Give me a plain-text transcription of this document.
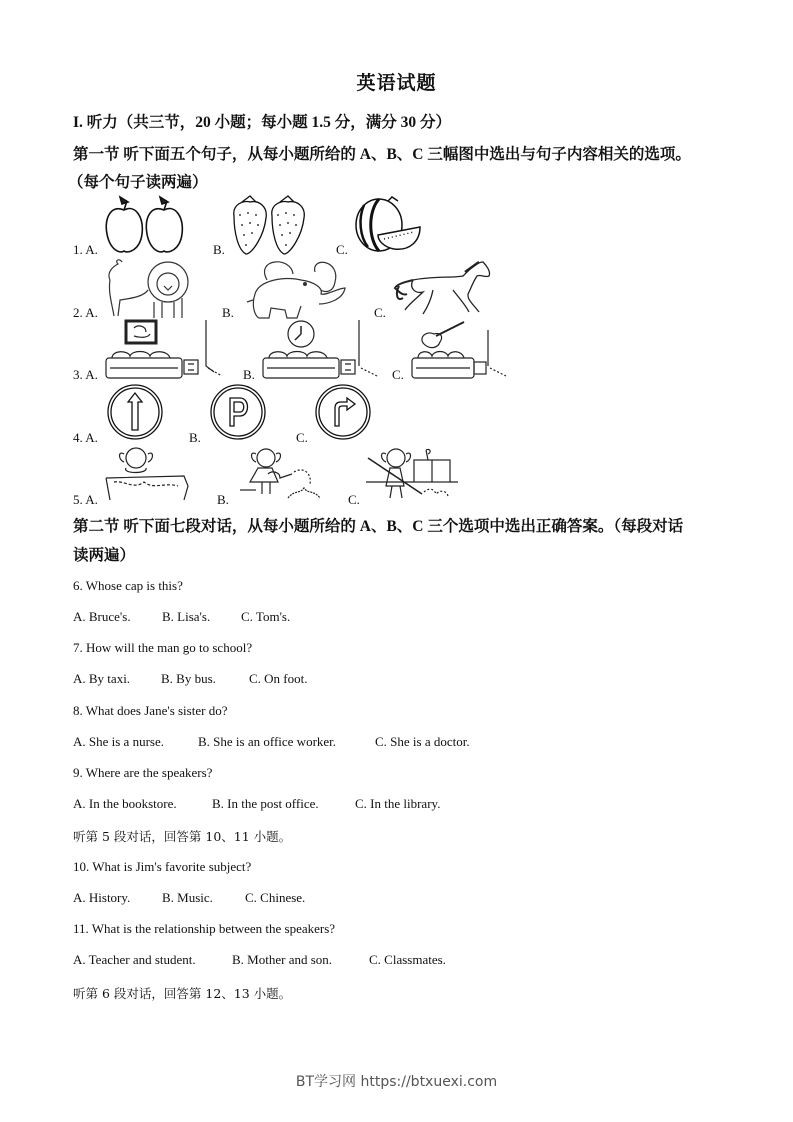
英语试题
I. 听力（共三节，20 小题；每小题 1.5 分，满分 30 分）
第一节 听下面五个句子，从每小题所给的 A、B、C 三幅图中选出与句子内容相关的选项。
（每个句子读两遍）
1. A.	B.	C.
2. A.	B.	C.
3. A.	B.	C.
4. A.	B.	C.
5. A.	B.	C.
第二节 听下面七段对话，从每小题所给的 A、B、C 三个选项中选出正确答案。（每段对话
读两遍）
6. Whose cap is this?
A. Bruce's. B. Lisa's. C. Tom's.
7. How will the man go to school?
A. By taxi. B. By bus.	C. On foot.
8. What does Jane's sister do?
A. She is a nurse.	B. She is an office worker.	C. She is a doctor.
9. Where are the speakers?
A. In the bookstore.	B. In the post office.	C. In the library.
听第 5 段对话，回答第 10、11 小题。
10. What is Jim's favorite subject?
A. History. B. Music. C. Chinese.
11. What is the relationship between the speakers?
A. Teacher and student.	B. Mother and son.	C. Classmates.
听第 6 段对话，回答第 12、13 小题。
BT学习网 https://btxuexi.com
